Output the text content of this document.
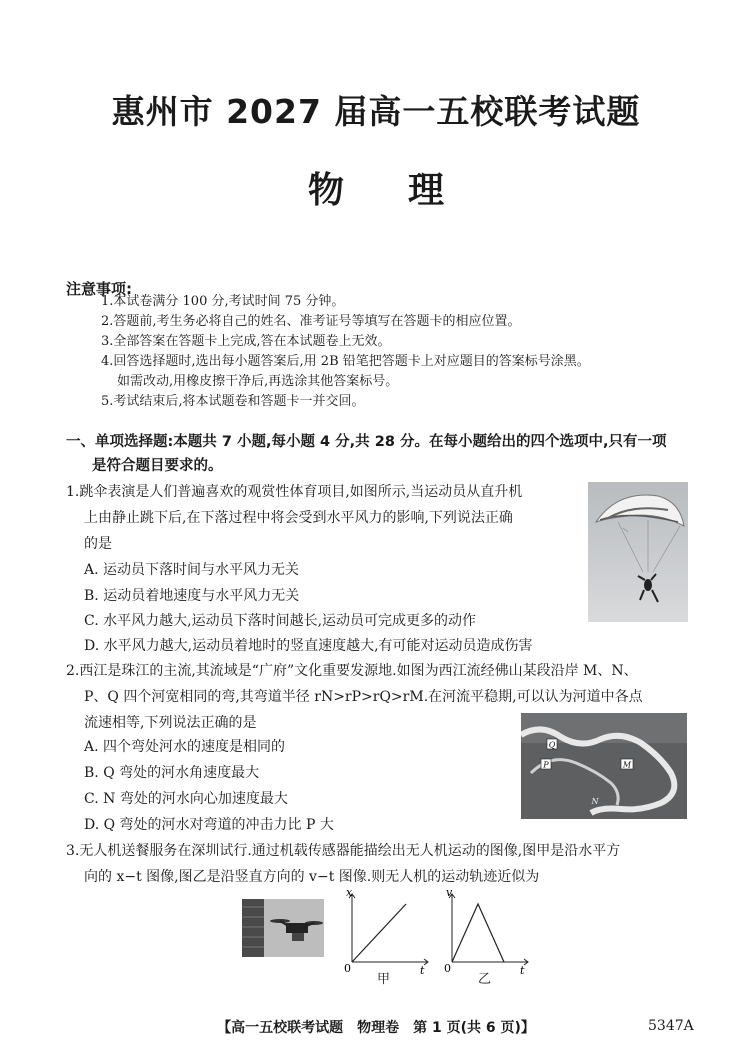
惠州市 2027 届高一五校联考试题
物 理
注意事项:
1.本试卷满分 100 分,考试时间 75 分钟。
2.答题前,考生务必将自己的姓名、准考证号等填写在答题卡的相应位置。
3.全部答案在答题卡上完成,答在本试题卷上无效。
4.回答选择题时,选出每小题答案后,用 2B 铅笔把答题卡上对应题目的答案标号涂黑。
如需改动,用橡皮擦干净后,再选涂其他答案标号。
5.考试结束后,将本试题卷和答题卡一并交回。
一、单项选择题:本题共 7 小题,每小题 4 分,共 28 分。在每小题给出的四个选项中,只有一项
是符合题目要求的。
1.跳伞表演是人们普遍喜欢的观赏性体育项目,如图所示,当运动员从直升机
上由静止跳下后,在下落过程中将会受到水平风力的影响,下列说法正确
的是
A. 运动员下落时间与水平风力无关
B. 运动员着地速度与水平风力无关
C. 水平风力越大,运动员下落时间越长,运动员可完成更多的动作
D. 水平风力越大,运动员着地时的竖直速度越大,有可能对运动员造成伤害
2.西江是珠江的主流,其流域是“广府”文化重要发源地.如图为西江流经佛山某段沿岸 M、N、
P、Q 四个河宽相同的弯,其弯道半径 rN>rP>rQ>rM.在河流平稳期,可以认为河道中各点
流速相等,下列说法正确的是
A. 四个弯处河水的速度是相同的
B. Q 弯处的河水角速度最大
C. N 弯处的河水向心加速度最大
D. Q 弯处的河水对弯道的冲击力比 P 大
Q
P	M
N
3.无人机送餐服务在深圳试行.通过机载传感器能描绘出无人机运动的图像,图甲是沿水平方
向的 x−t 图像,图乙是沿竖直方向的 v−t 图像.则无人机的运动轨迹近似为
x
t
0
甲
v
t
0
乙
【高一五校联考试题　物理卷　第 1 页(共 6 页)】	5347A
